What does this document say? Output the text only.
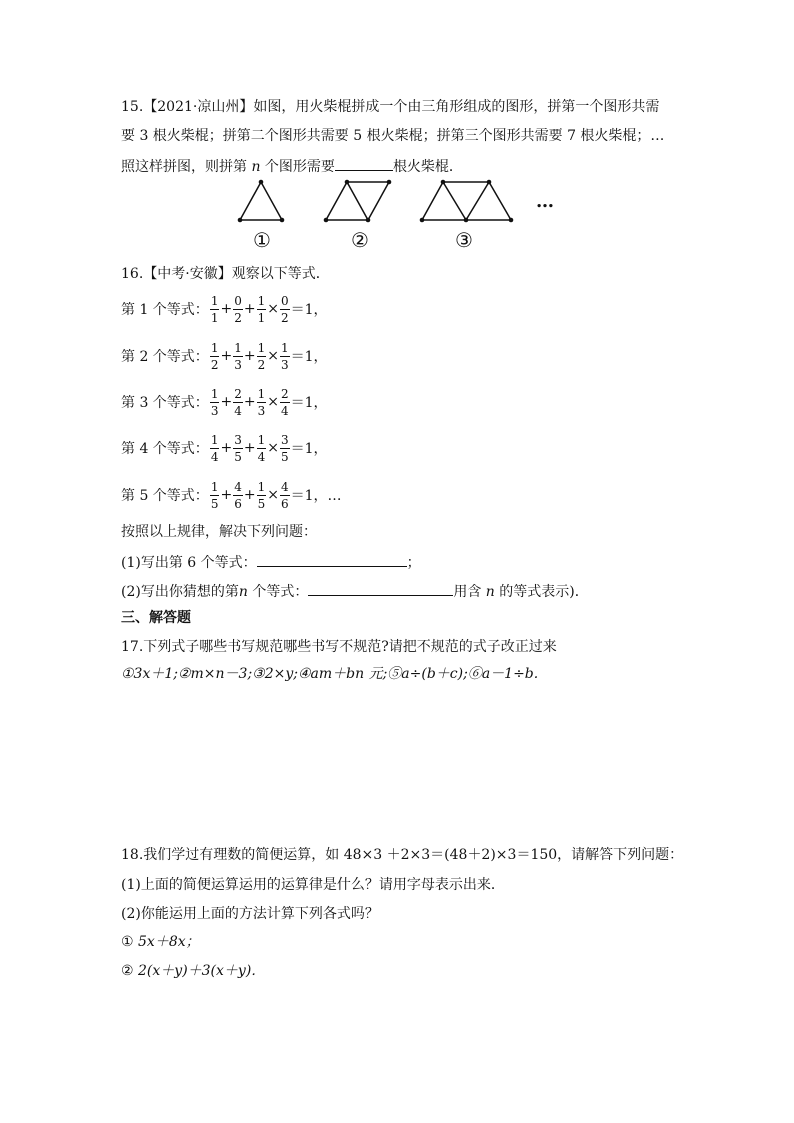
15.【2021·凉山州】如图，用火柴棍拼成一个由三角形组成的图形，拼第一个图形共需
要 3 根火柴棍；拼第二个图形共需要 5 根火柴棍；拼第三个图形共需要 7 根火柴棍；…
照这样拼图，则拼第 n 个图形需要	根火柴棍．
…
①	②	③
16.【中考·安徽】观察以下等式．
第 1 个等式： $\frac{1}{1} + \frac{0}{2} + \frac{1}{1} \times \frac{0}{2} =1$，
第 2 个等式： $\frac{1}{2} + \frac{1}{3} + \frac{1}{2} \times \frac{1}{3} =1$，
第 3 个等式： $\frac{1}{3} + \frac{2}{4} + \frac{1}{3} \times \frac{2}{4} =1$，
第 4 个等式： $\frac{1}{4} + \frac{3}{5} + \frac{1}{4} \times \frac{3}{5} =1$，
第 5 个等式： $\frac{1}{5} + \frac{4}{6} + \frac{1}{5} \times \frac{4}{6} =1$，…
按照以上规律，解决下列问题：
(1)写出第 6 个等式：	；
(2)写出你猜想的第n 个等式：	用含 n 的等式表示)．
三、解答题
17.下列式子哪些书写规范哪些书写不规范?请把不规范的式子改正过来
①3x＋1;②m×n－3;③2×y;④am＋bn 元;⑤a÷(b＋c);⑥a－1÷b.
18.我们学过有理数的简便运算，如 48×3 ＋2×3＝(48＋2)×3＝150，请解答下列问题：
(1)上面的简便运算运用的运算律是什么？请用字母表示出来．
(2)你能运用上面的方法计算下列各式吗？
① 5x＋8x；
② 2(x＋y)＋3(x＋y)．
